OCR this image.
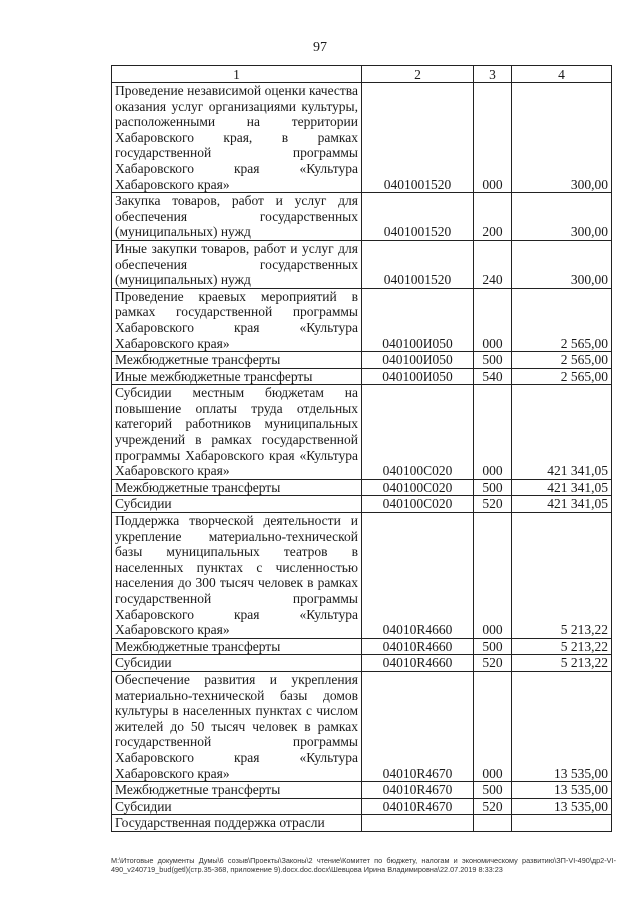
97
1	2	3	4
Проведение независимой оценки качества оказания услуг организациями культуры, расположенными на территории Хабаровского края, в рамках государственной программы Хабаровского края «Культура Хабаровского края»	0401001520	000	300,00
Закупка товаров, работ и услуг для обеспечения государственных (муниципальных) нужд	0401001520	200	300,00
Иные закупки товаров, работ и услуг для обеспечения государственных (муниципальных) нужд	0401001520	240	300,00
Проведение краевых мероприятий в рамках государственной программы Хабаровского края «Культура Хабаровского края»	040100И050	000	2 565,00
Межбюджетные трансферты	040100И050	500	2 565,00
Иные межбюджетные трансферты	040100И050	540	2 565,00
Субсидии местным бюджетам на повышение оплаты труда отдельных категорий работников муниципальных учреждений в рамках государственной программы Хабаровского края «Культура Хабаровского края»	040100С020	000	421 341,05
Межбюджетные трансферты	040100С020	500	421 341,05
Субсидии	040100С020	520	421 341,05
Поддержка творческой деятельности и укрепление материально-технической базы муниципальных театров в населенных пунктах с численностью населения до 300 тысяч человек в рамках государственной программы Хабаровского края «Культура Хабаровского края»	04010R4660	000	5 213,22
Межбюджетные трансферты	04010R4660	500	5 213,22
Субсидии	04010R4660	520	5 213,22
Обеспечение развития и укрепления материально-технической базы домов культуры в населенных пунктах с числом жителей до 50 тысяч человек в рамках государственной программы Хабаровского края «Культура Хабаровского края»	04010R4670	000	13 535,00
Межбюджетные трансферты	04010R4670	500	13 535,00
Субсидии	04010R4670	520	13 535,00
Государственная поддержка отрасли			
M:\Итоговые документы Думы\6 созыв\Проекты\Законы\2 чтение\Комитет по бюджету, налогам и экономическому развитию\ЗП-VI-490\др2-VI-490_v240719_bud(getl)(стр.35-368, приложение 9).docx.doc.docx\Шевцова Ирина Владимировна\22.07.2019 8:33:23
